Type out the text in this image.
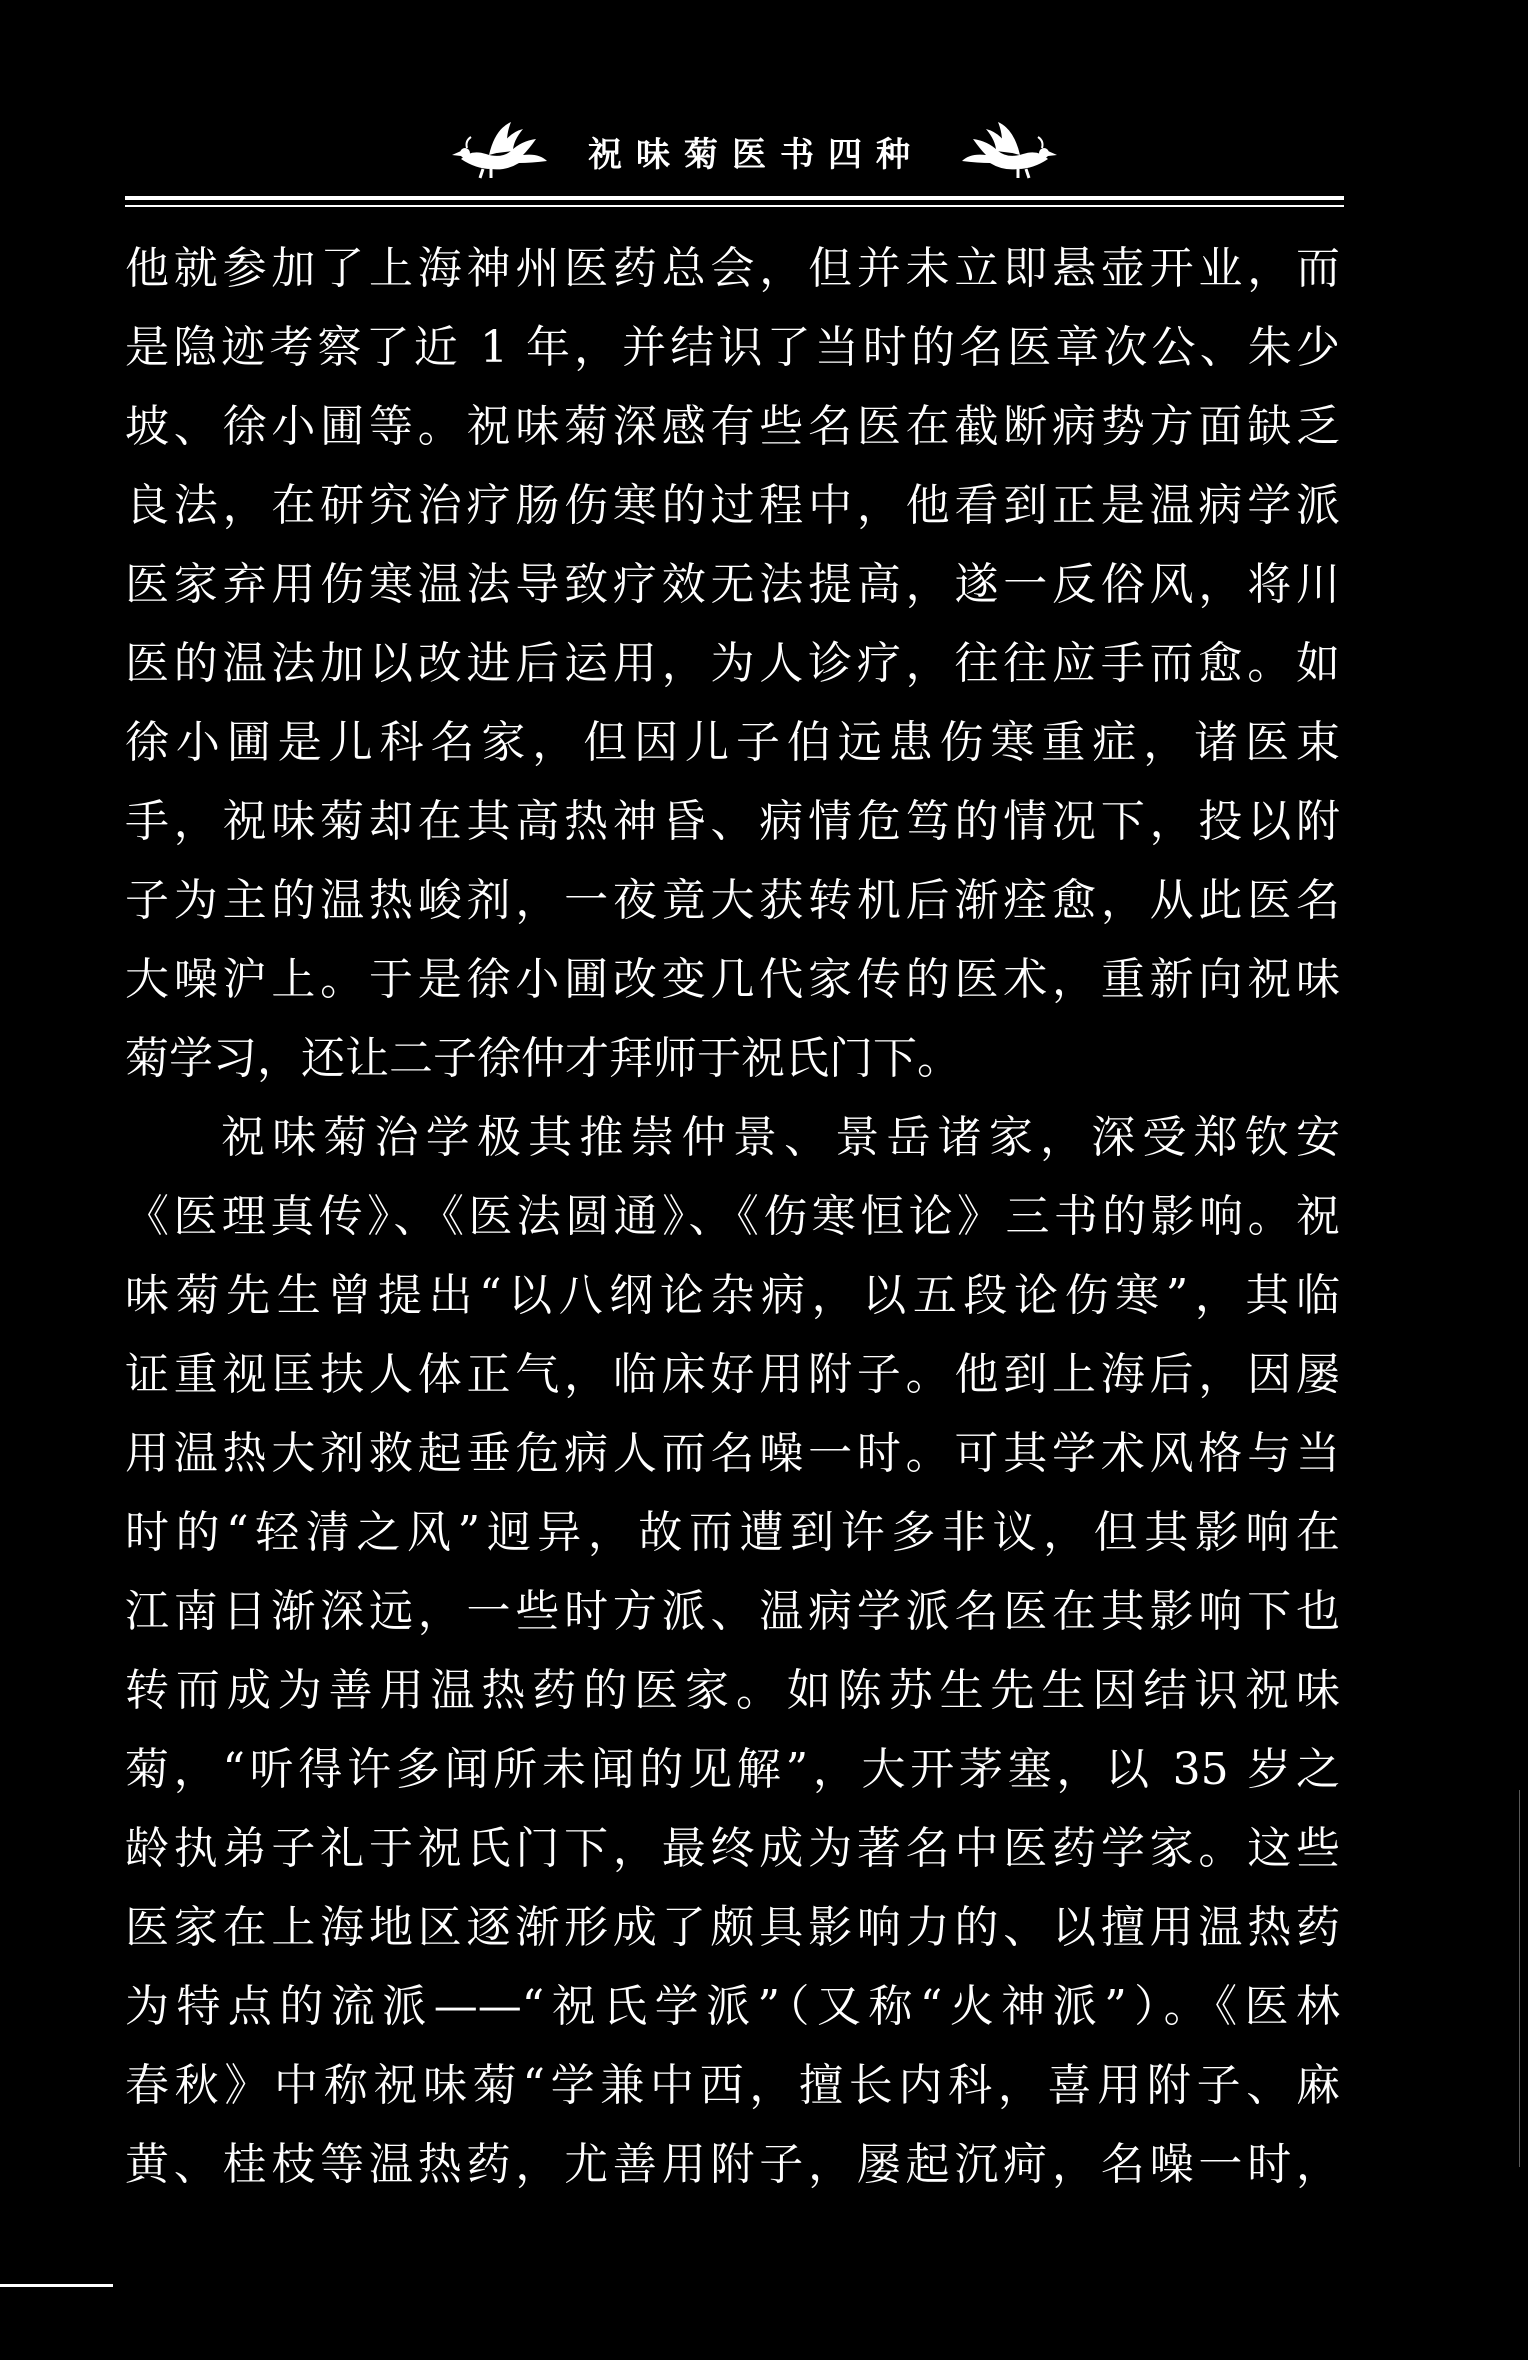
祝味菊医书四种
他就参加了上海神州医药总会，但并未立即悬壶开业，而
是隐迹考察了近 1 年，并结识了当时的名医章次公、朱少
坡、徐小圃等。祝味菊深感有些名医在截断病势方面缺乏
良法，在研究治疗肠伤寒的过程中，他看到正是温病学派
医家弃用伤寒温法导致疗效无法提高，遂一反俗风，将川
医的温法加以改进后运用，为人诊疗，往往应手而愈。如
徐小圃是儿科名家，但因儿子伯远患伤寒重症，诸医束
手，祝味菊却在其高热神昏、病情危笃的情况下，投以附
子为主的温热峻剂，一夜竟大获转机后渐痊愈，从此医名
大噪沪上。于是徐小圃改变几代家传的医术，重新向祝味
菊学习，还让二子徐仲才拜师于祝氏门下。
祝味菊治学极其推崇仲景、景岳诸家，深受郑钦安
《医理真传》、《医法圆通》、《伤寒恒论》三书的影响。祝
味菊先生曾提出“以八纲论杂病，以五段论伤寒”，其临
证重视匡扶人体正气，临床好用附子。他到上海后，因屡
用温热大剂救起垂危病人而名噪一时。可其学术风格与当
时的“轻清之风”迥异，故而遭到许多非议，但其影响在
江南日渐深远，一些时方派、温病学派名医在其影响下也
转而成为善用温热药的医家。如陈苏生先生因结识祝味
菊，“听得许多闻所未闻的见解”，大开茅塞，以 35 岁之
龄执弟子礼于祝氏门下，最终成为著名中医药学家。这些
医家在上海地区逐渐形成了颇具影响力的、以擅用温热药
为特点的流派——“祝氏学派”（又称“火神派”）。《医林
春秋》中称祝味菊“学兼中西，擅长内科，喜用附子、麻
黄、桂枝等温热药，尤善用附子，屡起沉疴，名噪一时，
